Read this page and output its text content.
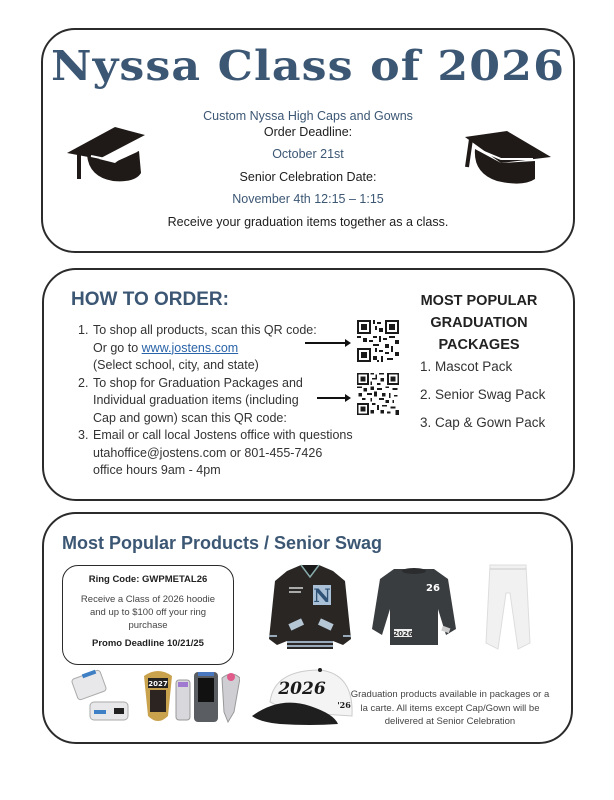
Nyssa Class of 2026
Custom Nyssa High Caps and Gowns
Order Deadline:
October 21st
Senior Celebration Date:
November 4th 12:15 – 1:15
Receive your graduation items together as a class.
HOW TO ORDER:
1. To shop all products, scan this QR code:
Or go to www.jostens.com
(Select school, city, and state)
2. To shop for Graduation Packages and
Individual graduation items (including
Cap and gown) scan this QR code:
3. Email or call local Jostens office with questions
utahoffice@jostens.com or 801-455-7426
office hours 9am - 4pm
MOST POPULAR
GRADUATION
PACKAGES
1. Mascot Pack
2. Senior Swag Pack
3. Cap & Gown Pack
Most Popular Products / Senior Swag
Ring Code: GWPMETAL26
Receive a Class of 2026 hoodie and up to $100 off your ring purchase
Promo Deadline 10/21/25
N	26
2026
2027	2026
'26
Graduation products available in packages or a la carte. All items except Cap/Gown will be delivered at Senior Celebration
